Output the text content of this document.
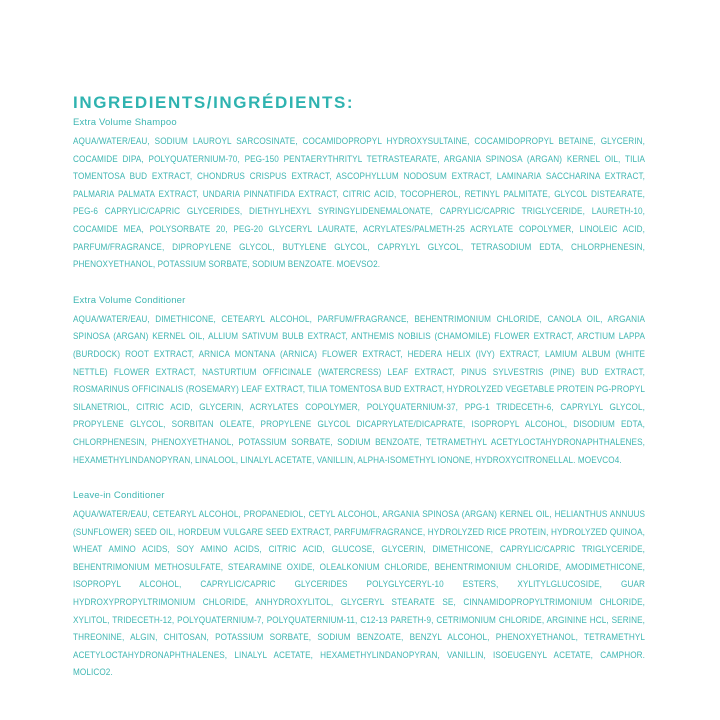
INGREDIENTS/INGRÉDIENTS:
Extra Volume Shampoo

AQUA/WATER/EAU, SODIUM LAUROYL SARCOSINATE, COCAMIDOPROPYL HYDROXYSULTAINE, COCAMIDOPROPYL BETAINE, GLYCERIN, COCAMIDE DIPA, POLYQUATERNIUM-70, PEG-150 PENTAERYTHRITYL TETRASTEARATE, ARGANIA SPINOSA (ARGAN) KERNEL OIL, TILIA TOMENTOSA BUD EXTRACT, CHONDRUS CRISPUS EXTRACT, ASCOPHYLLUM NODOSUM EXTRACT, LAMINARIA SACCHARINA EXTRACT, PALMARIA PALMATA EXTRACT, UNDARIA PINNATIFIDA EXTRACT, CITRIC ACID, TOCOPHEROL, RETINYL PALMITATE, GLYCOL DISTEARATE, PEG-6 CAPRYLIC/CAPRIC GLYCERIDES, DIETHYLHEXYL SYRINGYLIDENEMALONATE, CAPRYLIC/CAPRIC TRIGLYCERIDE, LAURETH-10, COCAMIDE MEA, POLYSORBATE 20, PEG-20 GLYCERYL LAURATE, ACRYLATES/PALMETH-25 ACRYLATE COPOLYMER, LINOLEIC ACID, PARFUM/FRAGRANCE, DIPROPYLENE GLYCOL, BUTYLENE GLYCOL, CAPRYLYL GLYCOL, TETRASODIUM EDTA, CHLORPHENESIN, PHENOXYETHANOL, POTASSIUM SORBATE, SODIUM BENZOATE. MOEVSO2.

Extra Volume Conditioner

AQUA/WATER/EAU, DIMETHICONE, CETEARYL ALCOHOL, PARFUM/FRAGRANCE, BEHENTRIMONIUM CHLORIDE, CANOLA OIL, ARGANIA SPINOSA (ARGAN) KERNEL OIL, ALLIUM SATIVUM BULB EXTRACT, ANTHEMIS NOBILIS (CHAMOMILE) FLOWER EXTRACT, ARCTIUM LAPPA (BURDOCK) ROOT EXTRACT, ARNICA MONTANA (ARNICA) FLOWER EXTRACT, HEDERA HELIX (IVY) EXTRACT, LAMIUM ALBUM (WHITE NETTLE) FLOWER EXTRACT, NASTURTIUM OFFICINALE (WATERCRESS) LEAF EXTRACT, PINUS SYLVESTRIS (PINE) BUD EXTRACT, ROSMARINUS OFFICINALIS (ROSEMARY) LEAF EXTRACT, TILIA TOMENTOSA BUD EXTRACT, HYDROLYZED VEGETABLE PROTEIN PG-PROPYL SILANETRIOL, CITRIC ACID, GLYCERIN, ACRYLATES COPOLYMER, POLYQUATERNIUM-37, PPG-1 TRIDECETH-6, CAPRYLYL GLYCOL, PROPYLENE GLYCOL, SORBITAN OLEATE, PROPYLENE GLYCOL DICAPRYLATE/DICAPRATE, ISOPROPYL ALCOHOL, DISODIUM EDTA, CHLORPHENESIN, PHENOXYETHANOL, POTASSIUM SORBATE, SODIUM BENZOATE, TETRAMETHYL ACETYLOCTAHYDRONAPHTHALENES, HEXAMETHYLINDANOPYRAN, LINALOOL, LINALYL ACETATE, VANILLIN, ALPHA-ISOMETHYL IONONE, HYDROXYCITRONELLAL. MOEVCO4.

Leave-in Conditioner

AQUA/WATER/EAU, CETEARYL ALCOHOL, PROPANEDIOL, CETYL ALCOHOL, ARGANIA SPINOSA (ARGAN) KERNEL OIL, HELIANTHUS ANNUUS (SUNFLOWER) SEED OIL, HORDEUM VULGARE SEED EXTRACT, PARFUM/FRAGRANCE, HYDROLYZED RICE PROTEIN, HYDROLYZED QUINOA, WHEAT AMINO ACIDS, SOY AMINO ACIDS, CITRIC ACID, GLUCOSE, GLYCERIN, DIMETHICONE, CAPRYLIC/CAPRIC TRIGLYCERIDE, BEHENTRIMONIUM METHOSULFATE, STEARAMINE OXIDE, OLEALKONIUM CHLORIDE, BEHENTRIMONIUM CHLORIDE, AMODIMETHICONE, ISOPROPYL ALCOHOL, CAPRYLIC/CAPRIC GLYCERIDES POLYGLYCERYL-10 ESTERS, XYLITYLGLUCOSIDE, GUAR HYDROXYPROPYLTRIMONIUM CHLORIDE, ANHYDROXYLITOL, GLYCERYL STEARATE SE, CINNAMIDOPROPYLTRIMONIUM CHLORIDE, XYLITOL, TRIDECETH-12, POLYQUATERNIUM-7, POLYQUATERNIUM-11, C12-13 PARETH-9, CETRIMONIUM CHLORIDE, ARGININE HCL, SERINE, THREONINE, ALGIN, CHITOSAN, POTASSIUM SORBATE, SODIUM BENZOATE, BENZYL ALCOHOL, PHENOXYETHANOL, TETRAMETHYL ACETYLOCTAHYDRONAPHTHALENES, LINALYL ACETATE, HEXAMETHYLINDANOPYRAN, VANILLIN, ISOEUGENYL ACETATE, CAMPHOR. MOLICO2.
